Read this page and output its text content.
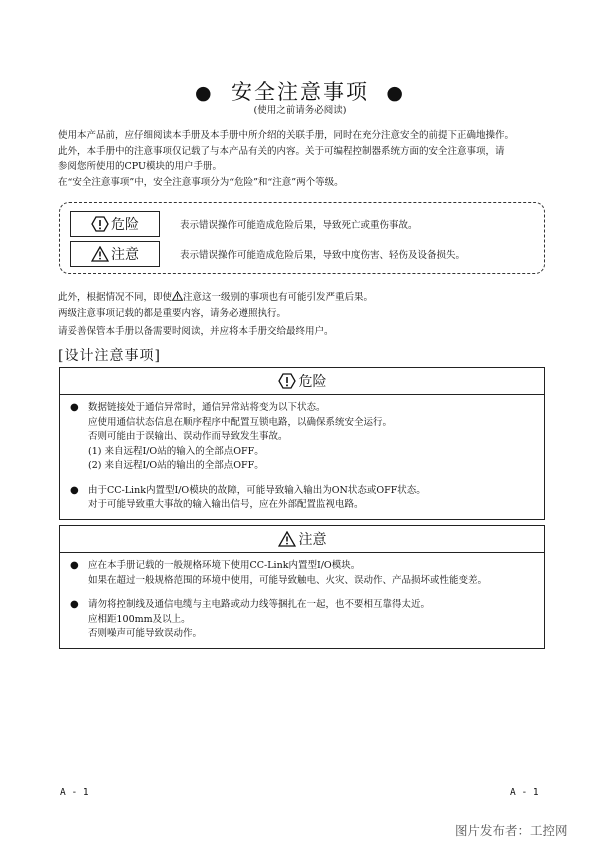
● 安全注意事项 ●
(使用之前请务必阅读)
使用本产品前，应仔细阅读本手册及本手册中所介绍的关联手册，同时在充分注意安全的前提下正确地操作。
此外，本手册中的注意事项仅记载了与本产品有关的内容。关于可编程控制器系统方面的安全注意事项，请
参阅您所使用的CPU模块的用户手册。
在“安全注意事项”中，安全注意事项分为“危险”和“注意”两个等级。
危险	表示错误操作可能造成危险后果，导致死亡或重伤事故。
注意	表示错误操作可能造成危险后果，导致中度伤害、轻伤及设备损失。
此外，根据情况不同，即使 注意这一级别的事项也有可能引发严重后果。
两级注意事项记载的都是重要内容，请务必遵照执行。
请妥善保管本手册以备需要时阅读，并应将本手册交给最终用户。
[设计注意事项]
危险
● 数据链接处于通信异常时，通信异常站将变为以下状态。
应使用通信状态信息在顺序程序中配置互锁电路，以确保系统安全运行。
否则可能由于误输出、误动作而导致发生事故。
(1) 来自远程I/O站的输入的全部点OFF。
(2) 来自远程I/O站的输出的全部点OFF。
● 由于CC-Link内置型I/O模块的故障，可能导致输入输出为ON状态或OFF状态。
对于可能导致重大事故的输入输出信号，应在外部配置监视电路。
注意
● 应在本手册记载的一般规格环境下使用CC-Link内置型I/O模块。
如果在超过一般规格范围的环境中使用，可能导致触电、火灾、误动作、产品损坏或性能变差。
● 请勿将控制线及通信电缆与主电路或动力线等捆扎在一起，也不要相互靠得太近。
应相距100mm及以上。
否则噪声可能导致误动作。
A - 1	A - 1
图片发布者：工控网
